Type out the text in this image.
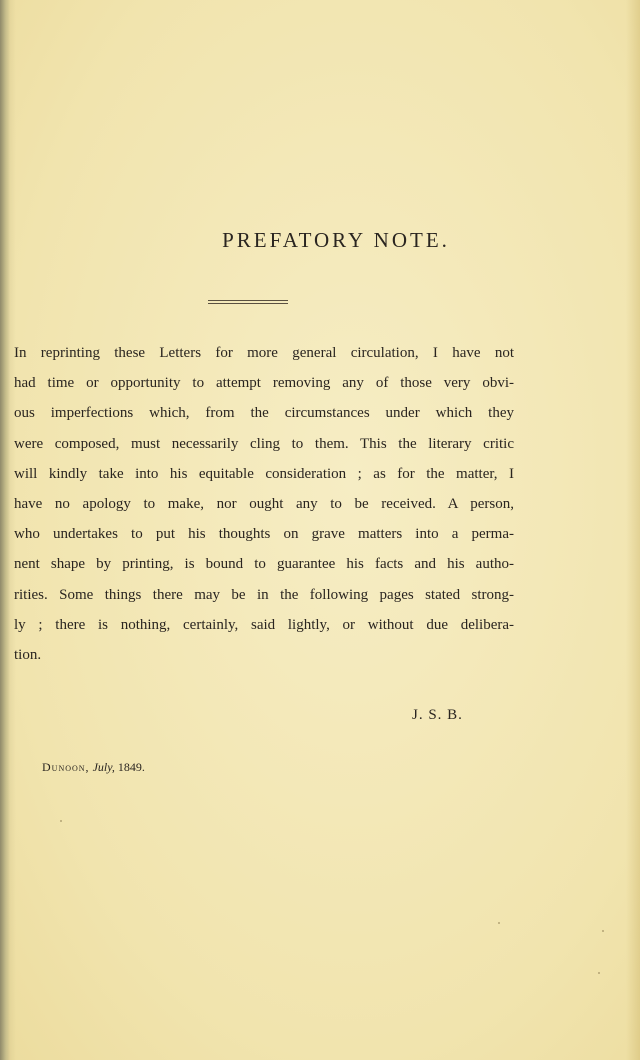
PREFATORY NOTE.

In reprinting these Letters for more general circulation, I have not
had time or opportunity to attempt removing any of those very obvi-
ous imperfections which, from the circumstances under which they
were composed, must necessarily cling to them. This the literary critic
will kindly take into his equitable consideration ; as for the matter, I
have no apology to make, nor ought any to be received. A person,
who undertakes to put his thoughts on grave matters into a perma-
nent shape by printing, is bound to guarantee his facts and his autho-
rities. Some things there may be in the following pages stated strong-
ly ; there is nothing, certainly, said lightly, or without due delibera-
tion.

J. S. B.
Dunoon, July, 1849.
